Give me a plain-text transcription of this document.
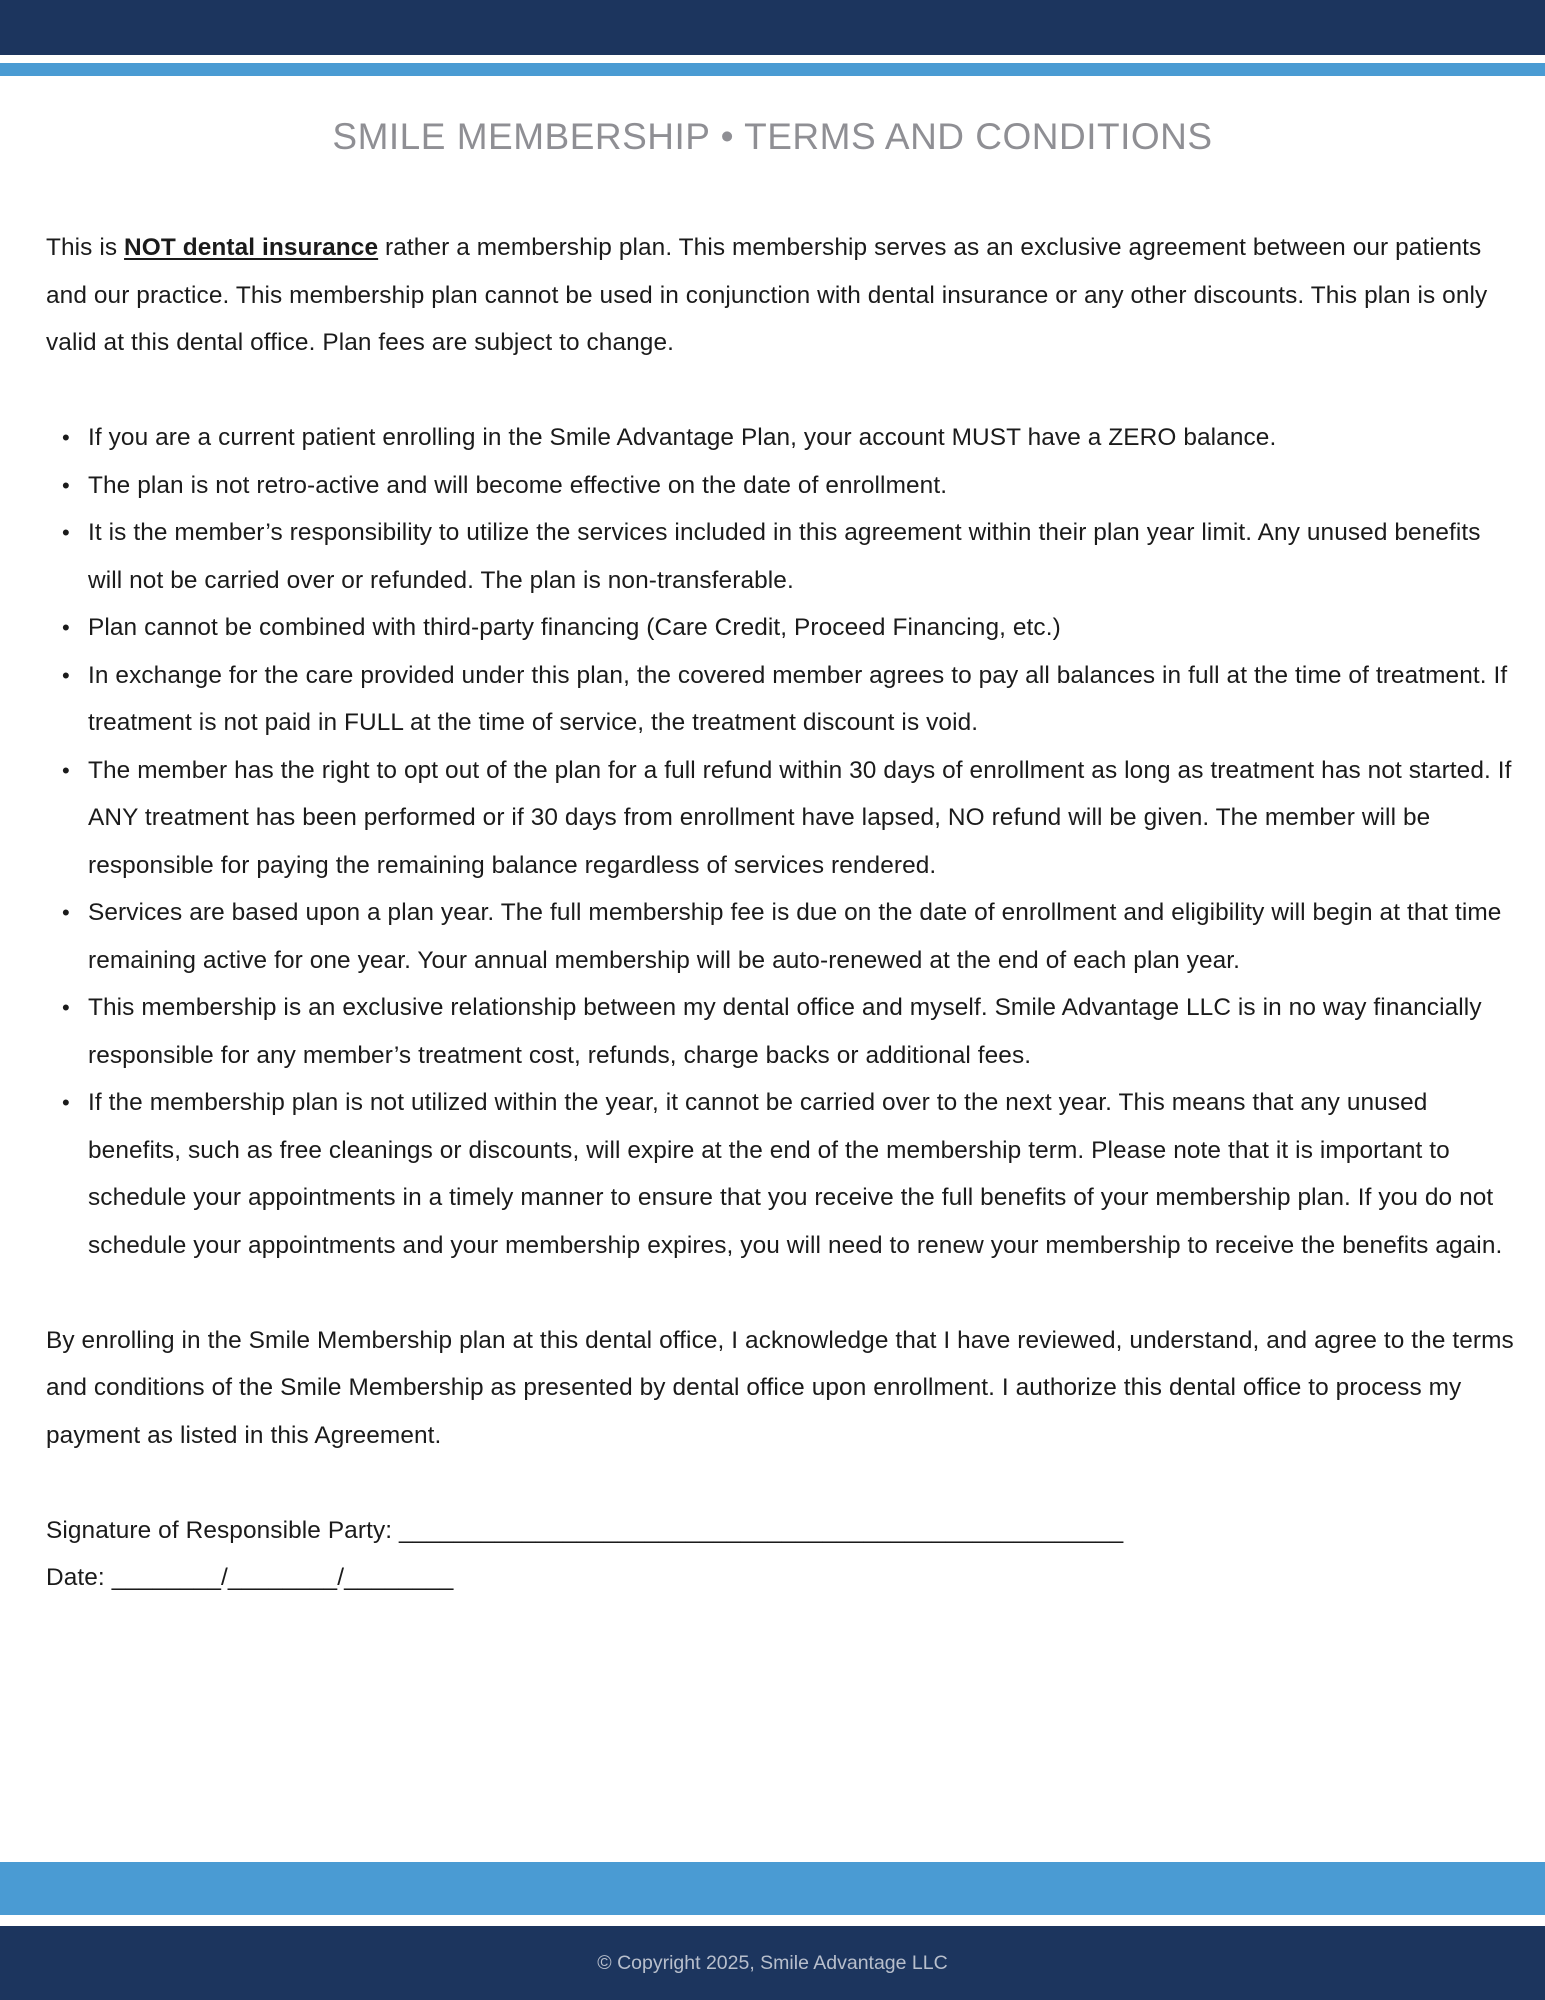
SMILE MEMBERSHIP • TERMS AND CONDITIONS

This is NOT dental insurance rather a membership plan. This membership serves as an exclusive agreement between our patients and our practice. This membership plan cannot be used in conjunction with dental insurance or any other discounts. This plan is only valid at this dental office. Plan fees are subject to change.

• If you are a current patient enrolling in the Smile Advantage Plan, your account MUST have a ZERO balance.
• The plan is not retro-active and will become effective on the date of enrollment.
• It is the member’s responsibility to utilize the services included in this agreement within their plan year limit. Any unused benefits will not be carried over or refunded. The plan is non-transferable.
• Plan cannot be combined with third-party financing (Care Credit, Proceed Financing, etc.)
• In exchange for the care provided under this plan, the covered member agrees to pay all balances in full at the time of treatment. If treatment is not paid in FULL at the time of service, the treatment discount is void.
• The member has the right to opt out of the plan for a full refund within 30 days of enrollment as long as treatment has not started. If ANY treatment has been performed or if 30 days from enrollment have lapsed, NO refund will be given. The member will be responsible for paying the remaining balance regardless of services rendered.
• Services are based upon a plan year. The full membership fee is due on the date of enrollment and eligibility will begin at that time remaining active for one year. Your annual membership will be auto-renewed at the end of each plan year.
• This membership is an exclusive relationship between my dental office and myself. Smile Advantage LLC is in no way financially responsible for any member’s treatment cost, refunds, charge backs or additional fees.
• If the membership plan is not utilized within the year, it cannot be carried over to the next year. This means that any unused benefits, such as free cleanings or discounts, will expire at the end of the membership term. Please note that it is important to schedule your appointments in a timely manner to ensure that you receive the full benefits of your membership plan. If you do not schedule your appointments and your membership expires, you will need to renew your membership to receive the benefits again.

By enrolling in the Smile Membership plan at this dental office, I acknowledge that I have reviewed, understand, and agree to the terms and conditions of the Smile Membership as presented by dental office upon enrollment. I authorize this dental office to process my payment as listed in this Agreement.

Signature of Responsible Party: _____________________________________________________

Date: ________/________/________

© Copyright 2025, Smile Advantage LLC
